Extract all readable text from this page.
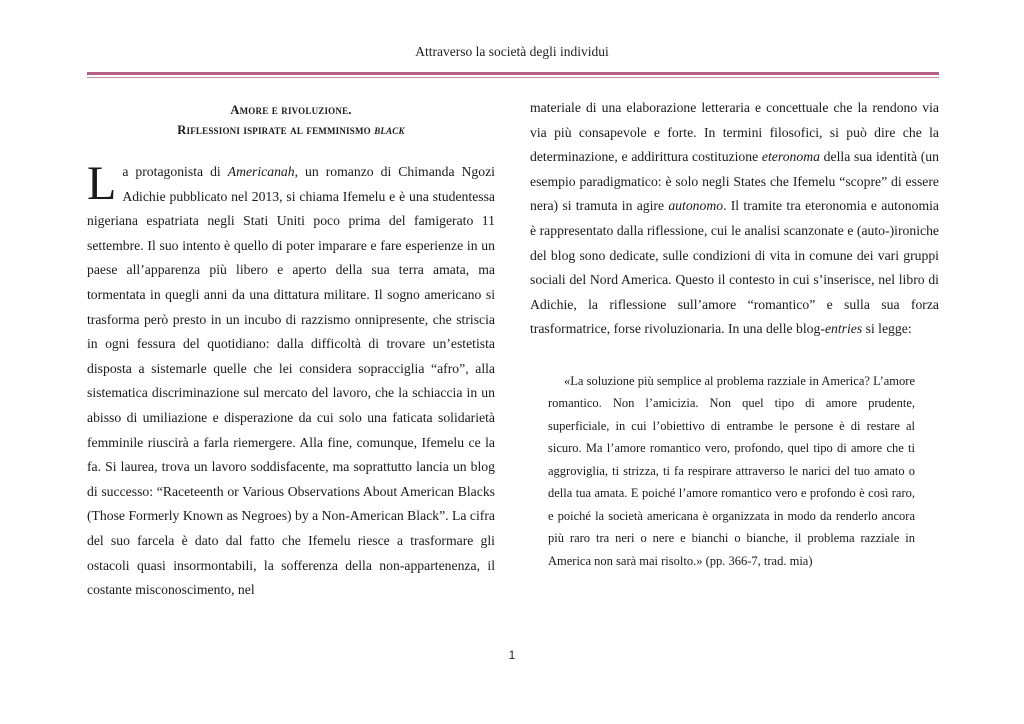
Attraverso la società degli individui
Amore e rivoluzione.
Riflessioni ispirate al femminismo black

La protagonista di Americanah, un romanzo di Chimanda Ngozi Adichie pubblicato nel 2013, si chiama Ifemelu e è una studentessa nigeriana espatriata negli Stati Uniti poco prima del famigerato 11 settembre. Il suo intento è quello di poter imparare e fare esperienze in un paese all’apparenza più libero e aperto della sua terra amata, ma tormentata in quegli anni da una dittatura militare. Il sogno americano si trasforma però presto in un incubo di razzismo onnipresente, che striscia in ogni fessura del quotidiano: dalla difficoltà di trovare un’estetista disposta a sistemarle quelle che lei considera sopracciglia “afro”, alla sistematica discriminazione sul mercato del lavoro, che la schiaccia in un abisso di umiliazione e disperazione da cui solo una faticata solidarietà femminile riuscirà a farla riemergere. Alla fine, comunque, Ifemelu ce la fa. Si laurea, trova un lavoro soddisfacente, ma soprattutto lancia un blog di successo: “Raceteenth or Various Observations About American Blacks (Those Formerly Known as Negroes) by a Non-American Black”. La cifra del suo farcela è dato dal fatto che Ifemelu riesce a trasformare gli ostacoli quasi insormontabili, la sofferenza della non-appartenenza, il costante misconoscimento, nel

materiale di una elaborazione letteraria e concettuale che la rendono via via più consapevole e forte. In termini filosofici, si può dire che la determinazione, e addirittura costituzione eteronoma della sua identità (un esempio paradigmatico: è solo negli States che Ifemelu “scopre” di essere nera) si tramuta in agire autonomo. Il tramite tra eteronomia e autonomia è rappresentato dalla riflessione, cui le analisi scanzonate e (auto-)ironiche del blog sono dedicate, sulle condizioni di vita in comune dei vari gruppi sociali del Nord America. Questo il contesto in cui s’inserisce, nel libro di Adichie, la riflessione sull’amore “romantico” e sulla sua forza trasformatrice, forse rivoluzionaria. In una delle blog-entries si legge:

«La soluzione più semplice al problema razziale in America? L’amore romantico. Non l’amicizia. Non quel tipo di amore prudente, superficiale, in cui l’obiettivo di entrambe le persone è di restare al sicuro. Ma l’amore romantico vero, profondo, quel tipo di amore che ti aggroviglia, ti strizza, ti fa respirare attraverso le narici del tuo amato o della tua amata. E poiché l’amore romantico vero e profondo è così raro, e poiché la società americana è organizzata in modo da renderlo ancora più raro tra neri o nere e bianchi o bianche, il problema razziale in America non sarà mai risolto.» (pp. 366-7, trad. mia)
1
